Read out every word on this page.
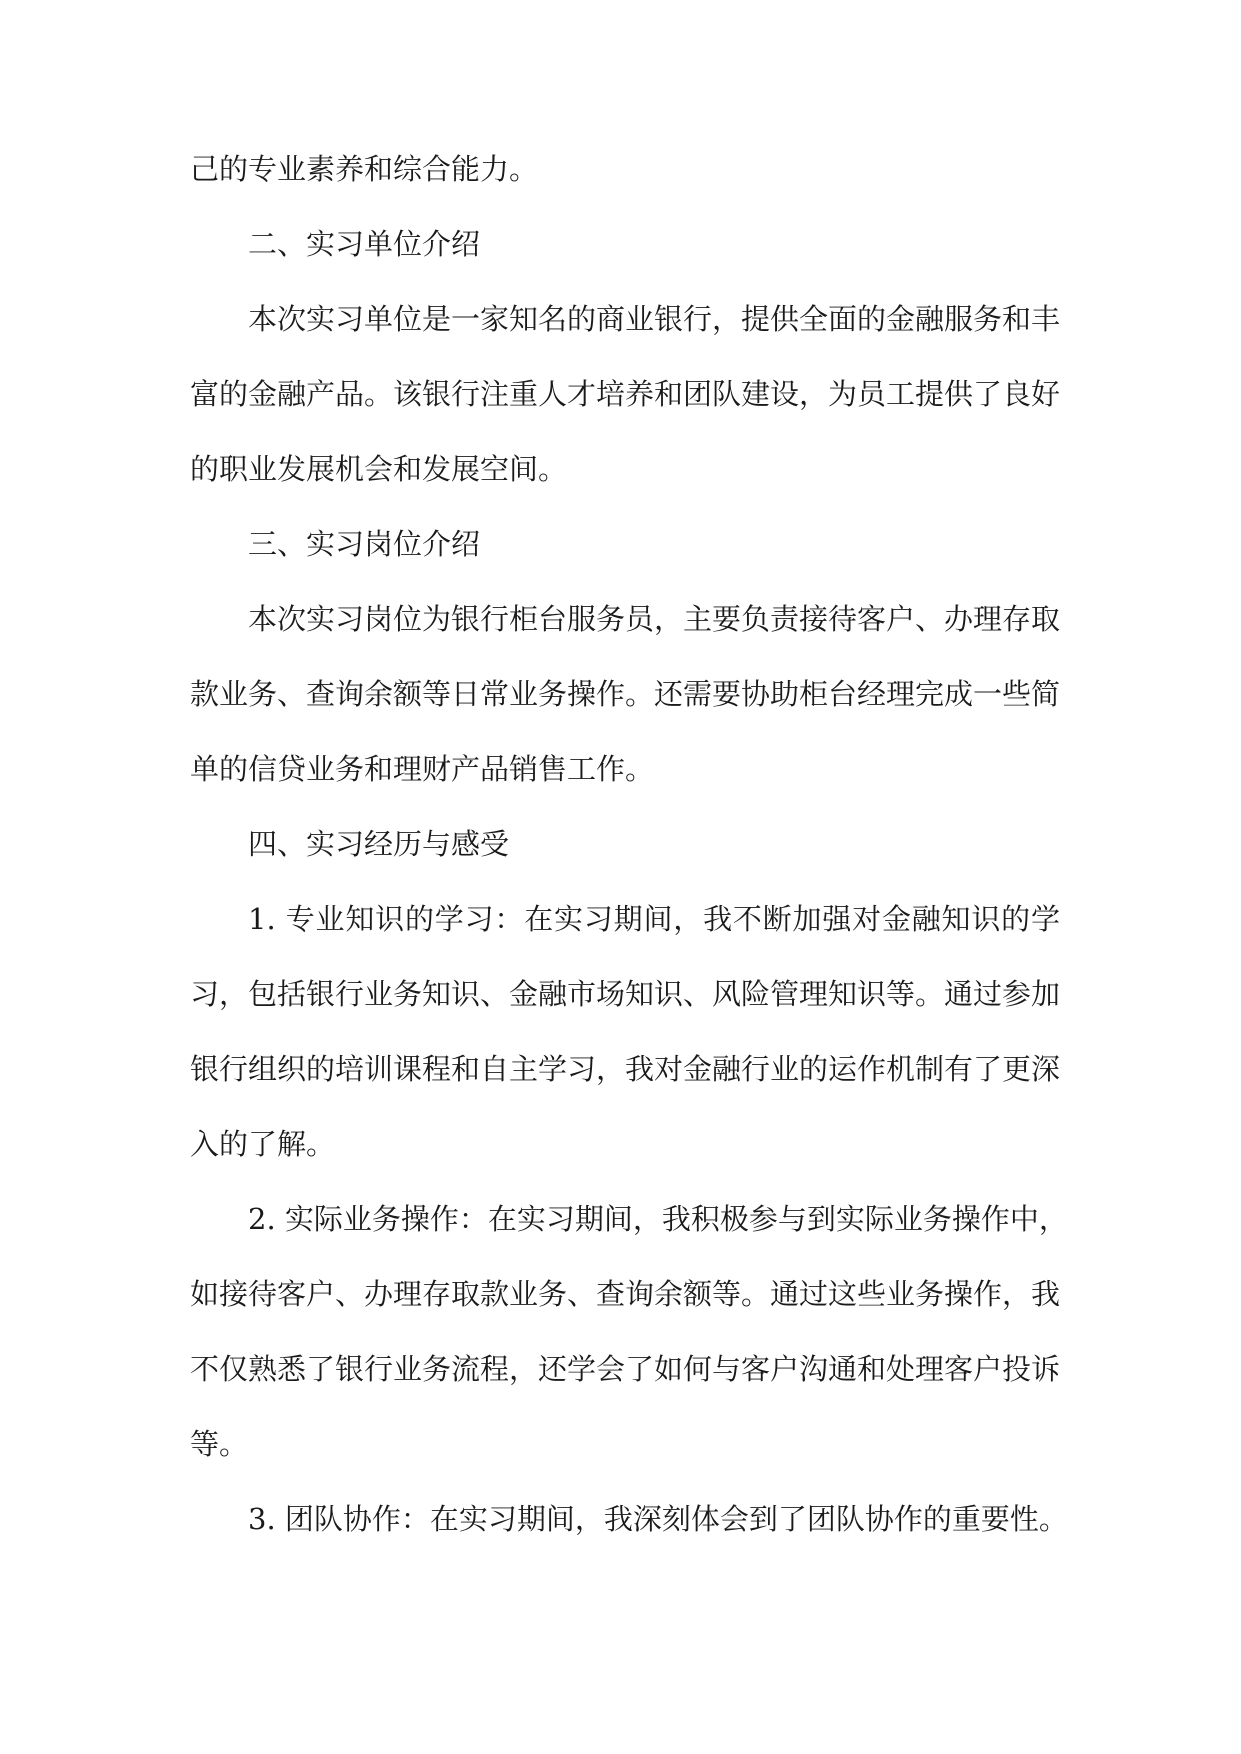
己的专业素养和综合能力。
二、实习单位介绍
本次实习单位是一家知名的商业银行，提供全面的金融服务和丰
富的金融产品。该银行注重人才培养和团队建设，为员工提供了良好
的职业发展机会和发展空间。
三、实习岗位介绍
本次实习岗位为银行柜台服务员，主要负责接待客户、办理存取
款业务、查询余额等日常业务操作。还需要协助柜台经理完成一些简
单的信贷业务和理财产品销售工作。
四、实习经历与感受
1. 专业知识的学习：在实习期间，我不断加强对金融知识的学
习，包括银行业务知识、金融市场知识、风险管理知识等。通过参加
银行组织的培训课程和自主学习，我对金融行业的运作机制有了更深
入的了解。
2. 实际业务操作：在实习期间，我积极参与到实际业务操作中，
如接待客户、办理存取款业务、查询余额等。通过这些业务操作，我
不仅熟悉了银行业务流程，还学会了如何与客户沟通和处理客户投诉
等。
3. 团队协作：在实习期间，我深刻体会到了团队协作的重要性。
